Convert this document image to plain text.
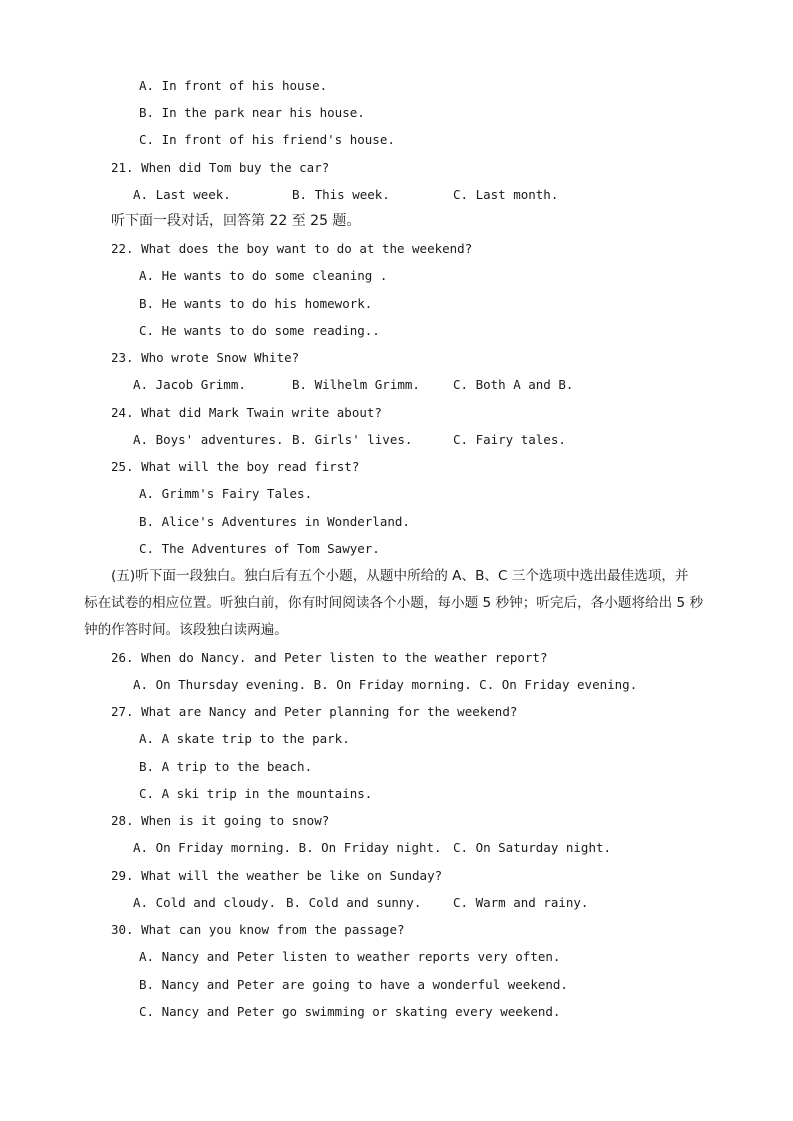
A. In front of his house.
B. In the park near his house.
C. In front of his friend's house.
21. When did Tom buy the car?
A. Last week.	B. This week.	C. Last month.
听下面一段对话，回答第 22 至 25 题。
22. What does the boy want to do at the weekend?
A. He wants to do some cleaning .
B. He wants to do his homework.
C. He wants to do some reading..
23. Who wrote Snow White?
A. Jacob Grimm.	B. Wilhelm Grimm.	C. Both A and B.
24. What did Mark Twain write about?
A. Boys' adventures. B. Girls' lives.	C. Fairy tales.
25. What will the boy read first?
A. Grimm's Fairy Tales.
B. Alice's Adventures in Wonderland.
C. The Adventures of Tom Sawyer.
(五)听下面一段独白。独白后有五个小题，从题中所给的 A、B、C 三个选项中选出最佳选项，并
标在试卷的相应位置。听独白前，你有时间阅读各个小题，每小题 5 秒钟；听完后，各小题将给出 5 秒
钟的作答时间。该段独白读两遍。
26. When do Nancy. and Peter listen to the weather report?
A. On Thursday evening. B. On Friday morning. C. On Friday evening.
27. What are Nancy and Peter planning for the weekend?
A. A skate trip to the park.
B. A trip to the beach.
C. A ski trip in the mountains.
28. When is it going to snow?
A. On Friday morning. B. On Friday night. C. On Saturday night.
29. What will the weather be like on Sunday?
A. Cold and cloudy. B. Cold and sunny.	C. Warm and rainy.
30. What can you know from the passage?
A. Nancy and Peter listen to weather reports very often.
B. Nancy and Peter are going to have a wonderful weekend.
C. Nancy and Peter go swimming or skating every weekend.
